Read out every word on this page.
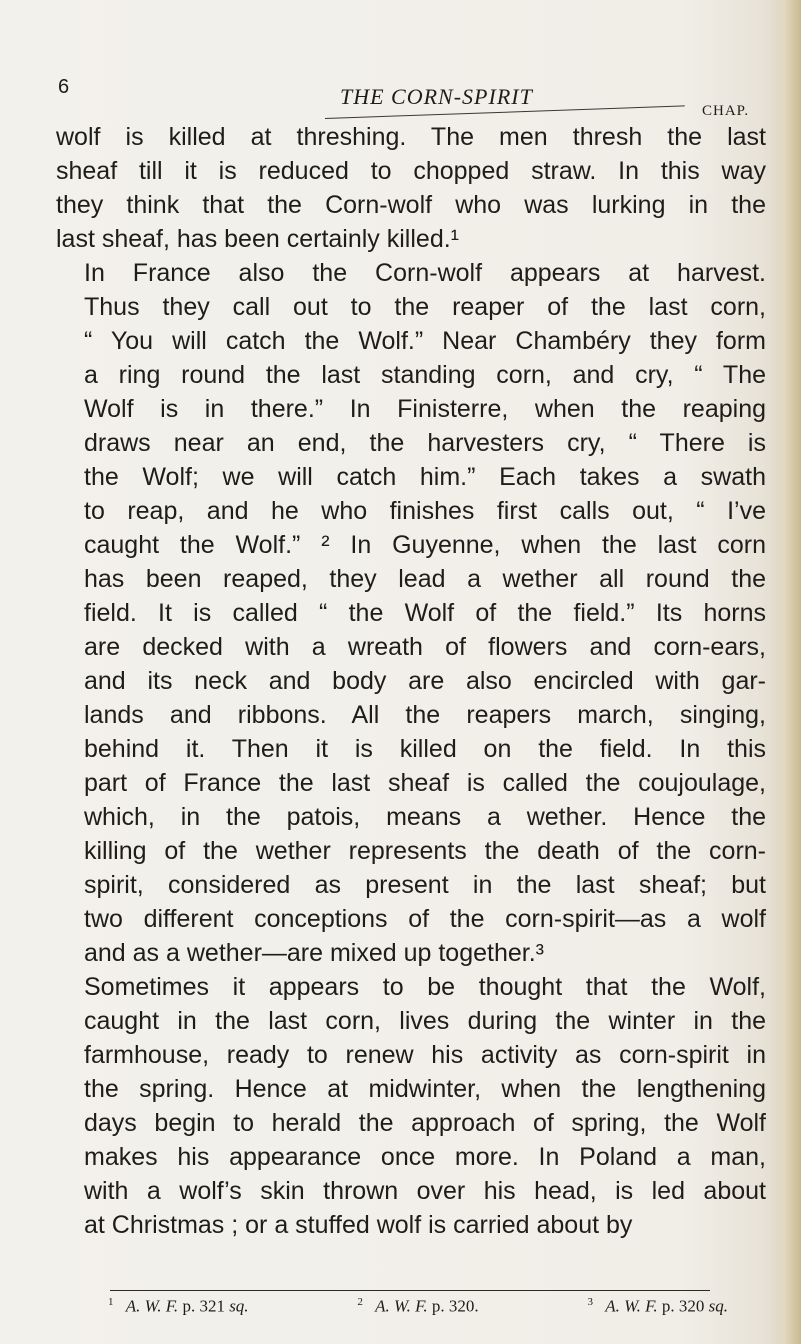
6	THE CORN-SPIRIT
CHAP.

wolf is killed at threshing. The men thresh the last
sheaf till it is reduced to chopped straw. In this way
they think that the Corn-wolf who was lurking in the
last sheaf, has been certainly killed.¹

In France also the Corn-wolf appears at harvest.
Thus they call out to the reaper of the last corn,
“ You will catch the Wolf.” Near Chambéry they form
a ring round the last standing corn, and cry, “ The
Wolf is in there.” In Finisterre, when the reaping
draws near an end, the harvesters cry, “ There is
the Wolf; we will catch him.” Each takes a swath
to reap, and he who finishes first calls out, “ I’ve
caught the Wolf.” ² In Guyenne, when the last corn
has been reaped, they lead a wether all round the
field. It is called “ the Wolf of the field.” Its horns
are decked with a wreath of flowers and corn-ears,
and its neck and body are also encircled with gar-
lands and ribbons. All the reapers march, singing,
behind it. Then it is killed on the field. In this
part of France the last sheaf is called the coujoulage,
which, in the patois, means a wether. Hence the
killing of the wether represents the death of the corn-
spirit, considered as present in the last sheaf; but
two different conceptions of the corn-spirit—as a wolf
and as a wether—are mixed up together.³

Sometimes it appears to be thought that the Wolf,
caught in the last corn, lives during the winter in the
farmhouse, ready to renew his activity as corn-spirit in
the spring. Hence at midwinter, when the lengthening
days begin to herald the approach of spring, the Wolf
makes his appearance once more. In Poland a man,
with a wolf’s skin thrown over his head, is led about
at Christmas ; or a stuffed wolf is carried about by

$^1$ A. W. F. p. 321 sq.	$^2$ A. W. F. p. 320.	$^3$ A. W. F. p. 320 sq.
